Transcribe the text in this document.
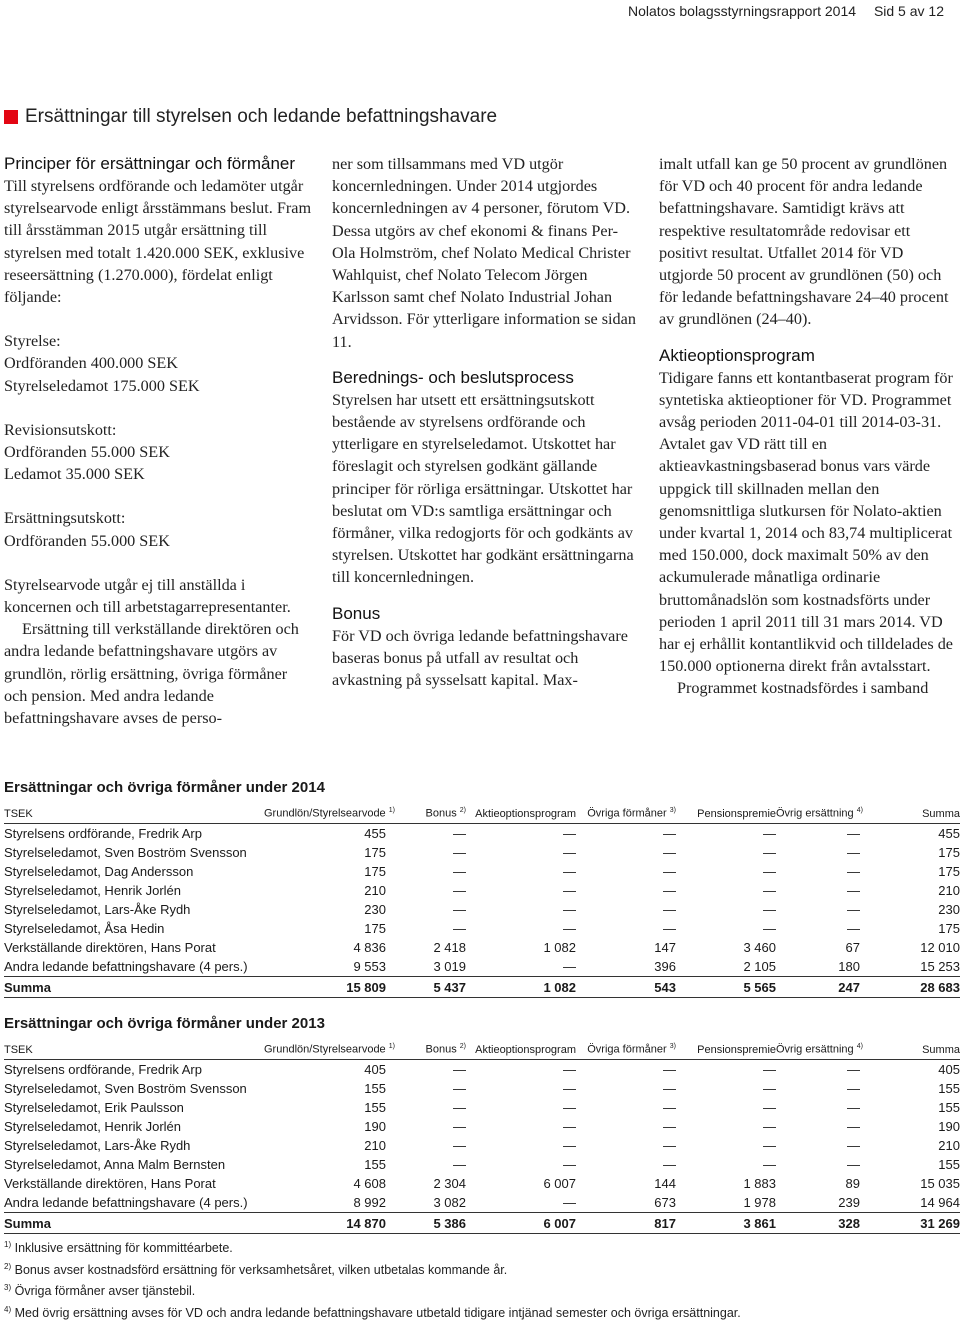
Nolatos bolagsstyrningsrapport 2014 Sid 5 av 12
Ersättningar till styrelsen och ledande befattningshavare
Principer för ersättningar och förmåner

Till styrelsens ordförande och ledamöter utgår styrelsearvode enligt årsstämmans beslut. Fram till årsstämman 2015 utgår ersättning till styrelsen med totalt 1.420.000 SEK, exklusive reseersättning (1.270.000), fördelat enligt följande:

Styrelse:

Ordföranden 400.000 SEK

Styrelseledamot 175.000 SEK

Revisionsutskott:

Ordföranden 55.000 SEK

Ledamot 35.000 SEK

Ersättningsutskott:

Ordföranden 55.000 SEK

Styrelsearvode utgår ej till anställda i koncernen och till arbetstagarrepresentanter.

Ersättning till verkställande direktören och andra ledande befattningshavare utgörs av grundlön, rörlig ersättning, övriga förmåner och pension. Med andra ledande befattningshavare avses de perso-

ner som tillsammans med VD utgör koncernledningen. Under 2014 utgjordes koncernledningen av 4 personer, förutom VD. Dessa utgörs av chef ekonomi & finans Per-Ola Holmström, chef Nolato Medical Christer Wahlquist, chef Nolato Telecom Jörgen Karlsson samt chef Nolato Industrial Johan Arvidsson. För ytterligare information se sidan 11.

Berednings- och beslutsprocess

Styrelsen har utsett ett ersättningsutskott bestående av styrelsens ordförande och ytterligare en styrelseledamot. Utskottet har föreslagit och styrelsen godkänt gällande principer för rörliga ersättningar. Utskottet har beslutat om VD:s samtliga ersättningar och förmåner, vilka redogjorts för och godkänts av styrelsen. Utskottet har godkänt ersättningarna till koncernledningen.

Bonus

För VD och övriga ledande befattningshavare baseras bonus på utfall av resultat och avkastning på sysselsatt kapital. Max-

imalt utfall kan ge 50 procent av grundlönen för VD och 40 procent för andra ledande befattningshavare. Samtidigt krävs att respektive resultatområde redovisar ett positivt resultat. Utfallet 2014 för VD utgjorde 50 procent av grundlönen (50) och för ledande befattningshavare 24–40 procent av grundlönen (24–40).

Aktieoptionsprogram

Tidigare fanns ett kontantbaserat program för syntetiska aktieoptioner för VD. Programmet avsåg perioden 2011-04-01 till 2014-03-31. Avtalet gav VD rätt till en aktieavkastningsbaserad bonus vars värde uppgick till skillnaden mellan den genomsnittliga slutkursen för Nolato-aktien under kvartal 1, 2014 och 83,74 multiplicerat med 150.000, dock maximalt 50% av den ackumulerade månatliga ordinarie bruttomånadslön som kostnadsförts under perioden 1 april 2011 till 31 mars 2014. VD har ej erhållit kontantlikvid och tilldelades de 150.000 optionerna direkt från avtalsstart.

Programmet kostnadsfördes i samband

Ersättningar och övriga förmåner under 2014
TSEK	Grundlön/Styrelsearvode $^{1)}$	Bonus $^{2)}$	Aktieoptionsprogram	Övriga förmåner $^{3)}$	Pensionspremie	Övrig ersättning $^{4)}$	Summa
Styrelsens ordförande, Fredrik Arp	455	—	—	—	—	—	455
Styrelseledamot, Sven Boström Svensson	175	—	—	—	—	—	175
Styrelseledamot, Dag Andersson	175	—	—	—	—	—	175
Styrelseledamot, Henrik Jorlén	210	—	—	—	—	—	210
Styrelseledamot, Lars-Åke Rydh	230	—	—	—	—	—	230
Styrelseledamot, Åsa Hedin	175	—	—	—	—	—	175
Verkställande direktören, Hans Porat	4 836	2 418	1 082	147	3 460	67	12 010
Andra ledande befattningshavare (4 pers.)	9 553	3 019	—	396	2 105	180	15 253
Summa	15 809	5 437	1 082	543	5 565	247	28 683
Ersättningar och övriga förmåner under 2013
TSEK	Grundlön/Styrelsearvode $^{1)}$	Bonus $^{2)}$	Aktieoptionsprogram	Övriga förmåner $^{3)}$	Pensionspremie	Övrig ersättning $^{4)}$	Summa
Styrelsens ordförande, Fredrik Arp	405	—	—	—	—	—	405
Styrelseledamot, Sven Boström Svensson	155	—	—	—	—	—	155
Styrelseledamot, Erik Paulsson	155	—	—	—	—	—	155
Styrelseledamot, Henrik Jorlén	190	—	—	—	—	—	190
Styrelseledamot, Lars-Åke Rydh	210	—	—	—	—	—	210
Styrelseledamot, Anna Malm Bernsten	155	—	—	—	—	—	155
Verkställande direktören, Hans Porat	4 608	2 304	6 007	144	1 883	89	15 035
Andra ledande befattningshavare (4 pers.)	8 992	3 082	—	673	1 978	239	14 964
Summa	14 870	5 386	6 007	817	3 861	328	31 269
$^{1)}$ Inklusive ersättning för kommittéarbete.
$^{2)}$ Bonus avser kostnadsförd ersättning för verksamhetsåret, vilken utbetalas kommande år.
$^{3)}$ Övriga förmåner avser tjänstebil.
$^{4)}$ Med övrig ersättning avses för VD och andra ledande befattningshavare utbetald tidigare intjänad semester och övriga ersättningar.
